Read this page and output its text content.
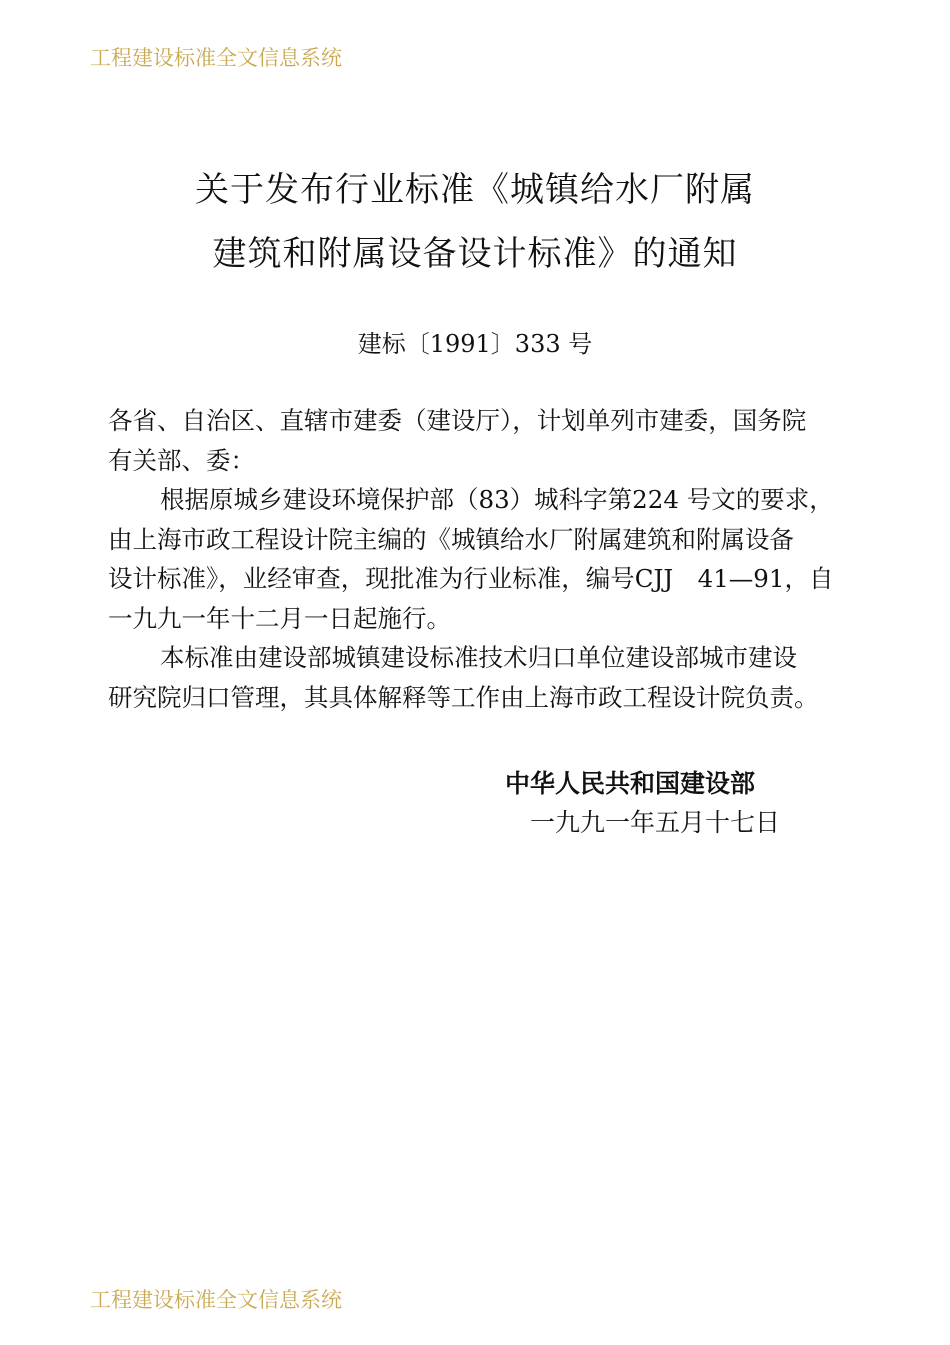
工程建设标准全文信息系统
关于发布行业标准《城镇给水厂附属
建筑和附属设备设计标准》的通知
建标〔1991〕333 号
各省、自治区、直辖市建委（建设厅），计划单列市建委，国务院
有关部、委：
根据原城乡建设环境保护部（83）城科字第224 号文的要求，
由上海市政工程设计院主编的《城镇给水厂附属建筑和附属设备
设计标准》，业经审查，现批准为行业标准，编号CJJ　41—91，自
一九九一年十二月一日起施行。
本标准由建设部城镇建设标准技术归口单位建设部城市建设
研究院归口管理，其具体解释等工作由上海市政工程设计院负责。
中华人民共和国建设部
一九九一年五月十七日
工程建设标准全文信息系统
